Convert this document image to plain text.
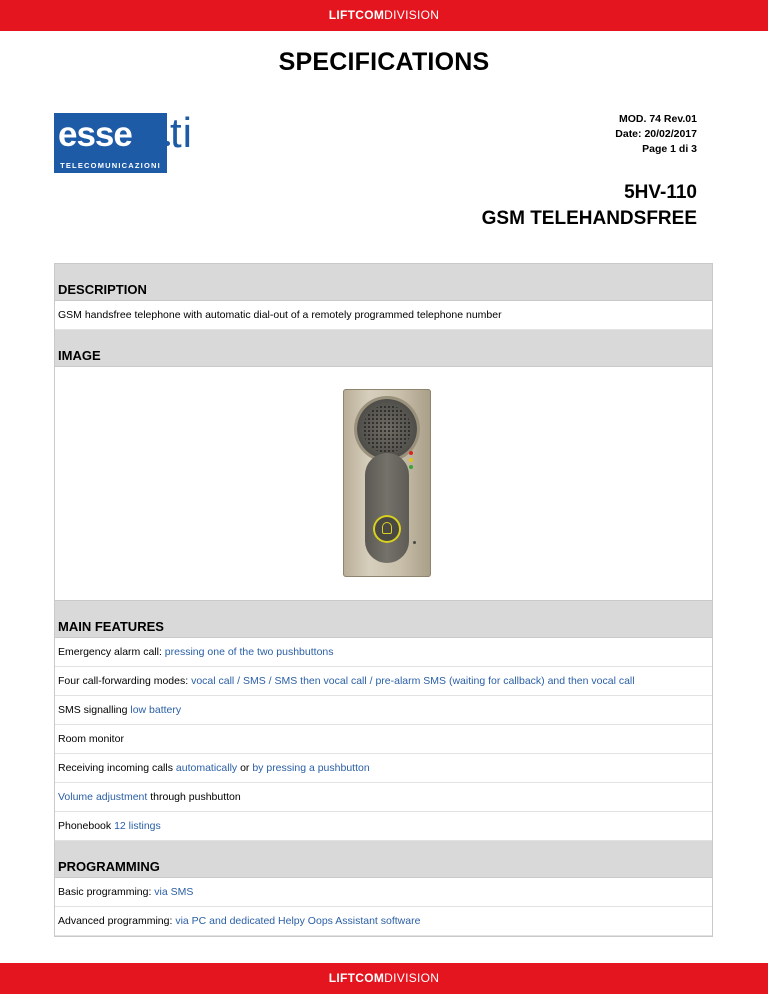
LIFTCOMDIVISION
SPECIFICATIONS
esse
TELECOMUNICAZIONI
ti	MOD. 74 Rev.01
Date: 20/02/2017
Page 1 di 3
5HV-110
GSM TELEHANDSFREE
DESCRIPTION
GSM handsfree telephone with automatic dial-out of a remotely programmed telephone number
IMAGE
MAIN FEATURES
Emergency alarm call: pressing one of the two pushbuttons
Four call-forwarding modes: vocal call / SMS / SMS then vocal call / pre-alarm SMS (waiting for callback) and then vocal call
SMS signalling low battery
Room monitor
Receiving incoming calls automatically or by pressing a pushbutton
Volume adjustment through pushbutton
Phonebook 12 listings
PROGRAMMING
Basic programming: via SMS
Advanced programming: via PC and dedicated Helpy Oops Assistant software
LIFTCOMDIVISION
